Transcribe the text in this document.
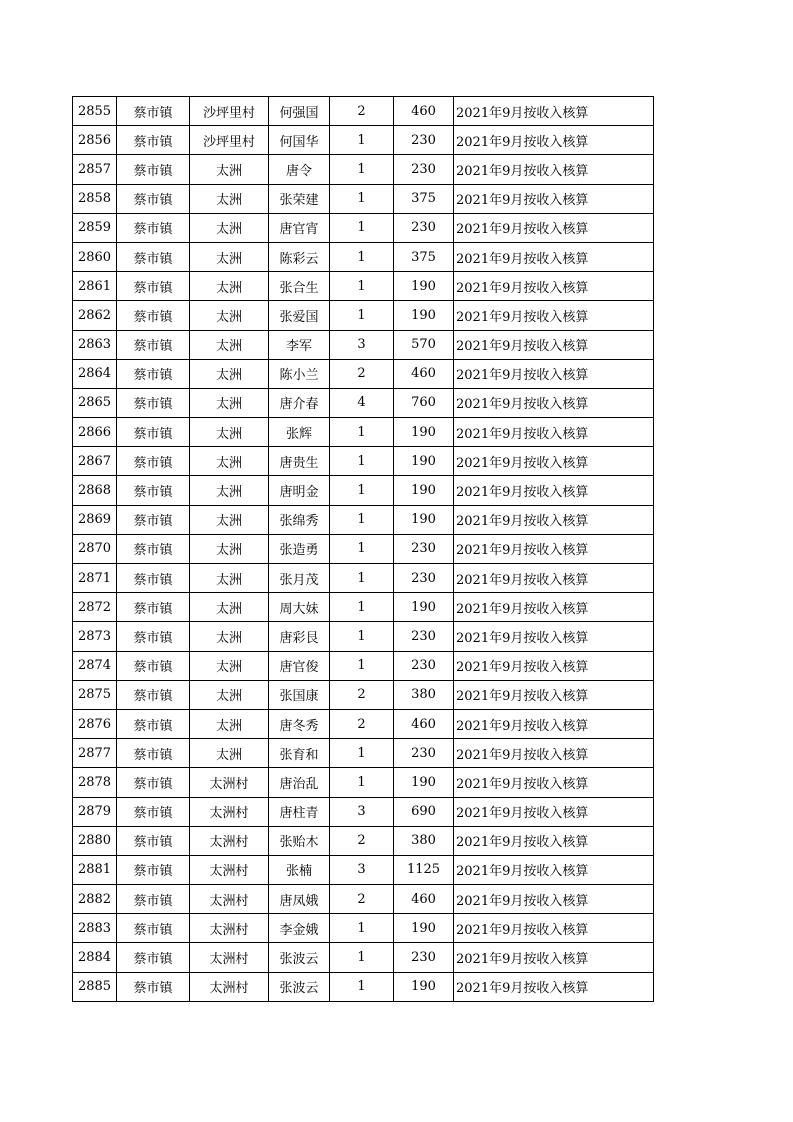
2855	蔡市镇	沙坪里村	何强国	2	460	2021年9月按收入核算
2856	蔡市镇	沙坪里村	何国华	1	230	2021年9月按收入核算
2857	蔡市镇	太洲	唐令	1	230	2021年9月按收入核算
2858	蔡市镇	太洲	张荣建	1	375	2021年9月按收入核算
2859	蔡市镇	太洲	唐官宵	1	230	2021年9月按收入核算
2860	蔡市镇	太洲	陈彩云	1	375	2021年9月按收入核算
2861	蔡市镇	太洲	张合生	1	190	2021年9月按收入核算
2862	蔡市镇	太洲	张爱国	1	190	2021年9月按收入核算
2863	蔡市镇	太洲	李军	3	570	2021年9月按收入核算
2864	蔡市镇	太洲	陈小兰	2	460	2021年9月按收入核算
2865	蔡市镇	太洲	唐介春	4	760	2021年9月按收入核算
2866	蔡市镇	太洲	张辉	1	190	2021年9月按收入核算
2867	蔡市镇	太洲	唐贵生	1	190	2021年9月按收入核算
2868	蔡市镇	太洲	唐明金	1	190	2021年9月按收入核算
2869	蔡市镇	太洲	张绵秀	1	190	2021年9月按收入核算
2870	蔡市镇	太洲	张造勇	1	230	2021年9月按收入核算
2871	蔡市镇	太洲	张月茂	1	230	2021年9月按收入核算
2872	蔡市镇	太洲	周大妹	1	190	2021年9月按收入核算
2873	蔡市镇	太洲	唐彩艮	1	230	2021年9月按收入核算
2874	蔡市镇	太洲	唐官俊	1	230	2021年9月按收入核算
2875	蔡市镇	太洲	张国康	2	380	2021年9月按收入核算
2876	蔡市镇	太洲	唐冬秀	2	460	2021年9月按收入核算
2877	蔡市镇	太洲	张育和	1	230	2021年9月按收入核算
2878	蔡市镇	太洲村	唐治乱	1	190	2021年9月按收入核算
2879	蔡市镇	太洲村	唐柱青	3	690	2021年9月按收入核算
2880	蔡市镇	太洲村	张贻木	2	380	2021年9月按收入核算
2881	蔡市镇	太洲村	张楠	3	1125	2021年9月按收入核算
2882	蔡市镇	太洲村	唐凤娥	2	460	2021年9月按收入核算
2883	蔡市镇	太洲村	李金娥	1	190	2021年9月按收入核算
2884	蔡市镇	太洲村	张波云	1	230	2021年9月按收入核算
2885	蔡市镇	太洲村	张波云	1	190	2021年9月按收入核算
